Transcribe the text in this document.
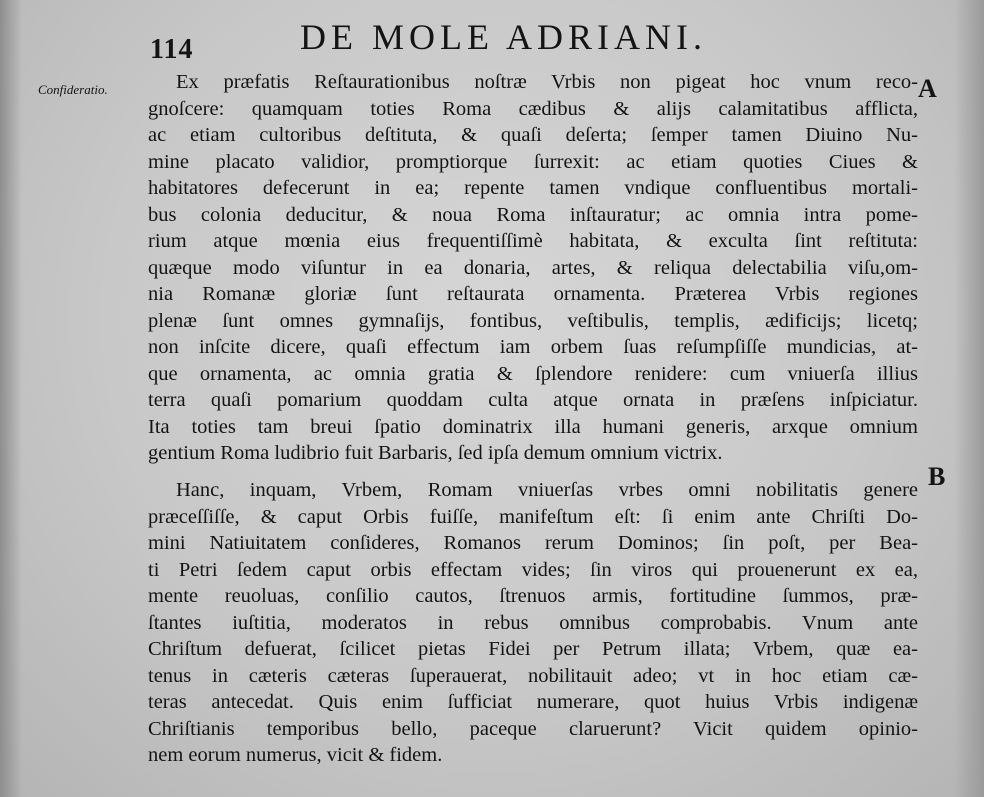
114	DE MOLE ADRIANI.
Confideratio.	A
B
Ex præfatis Reſtaurationibus noſtræ Vrbis non pigeat hoc vnum reco-
gnoſcere: quamquam toties Roma cædibus & alijs calamitatibus afflicta,
ac etiam cultoribus deſtituta, & quaſi deſerta; ſemper tamen Diuino Nu-
mine placato validior, promptiorque ſurrexit: ac etiam quoties Ciues &
habitatores defecerunt in ea; repente tamen vndique confluentibus mortali-
bus colonia deducitur, & noua Roma inſtauratur; ac omnia intra pome-
rium atque mœnia eius frequentiſſimè habitata, & exculta ſint reſtituta:
quæque modo viſuntur in ea donaria, artes, & reliqua delectabilia viſu,om-
nia Romanæ gloriæ ſunt reſtaurata ornamenta. Præterea Vrbis regiones
plenæ ſunt omnes gymnaſijs, fontibus, veſtibulis, templis, ædificijs; licetq;
non inſcite dicere, quaſi effectum iam orbem ſuas reſumpſiſſe mundicias, at-
que ornamenta, ac omnia gratia & ſplendore renidere: cum vniuerſa illius
terra quaſi pomarium quoddam culta atque ornata in præſens inſpiciatur.
Ita toties tam breui ſpatio dominatrix illa humani generis, arxque omnium
gentium Roma ludibrio fuit Barbaris, ſed ipſa demum omnium victrix.
Hanc, inquam, Vrbem, Romam vniuerſas vrbes omni nobilitatis genere
præceſſiſſe, & caput Orbis fuiſſe, manifeſtum eſt: ſi enim ante Chriſti Do-
mini Natiuitatem conſideres, Romanos rerum Dominos; ſin poſt, per Bea-
ti Petri ſedem caput orbis effectam vides; ſin viros qui prouenerunt ex ea,
mente reuoluas, conſilio cautos, ſtrenuos armis, fortitudine ſummos, præ-
ſtantes iuſtitia, moderatos in rebus omnibus comprobabis. Vnum ante
Chriſtum defuerat, ſcilicet pietas Fidei per Petrum illata; Vrbem, quæ ea-
tenus in cæteris cæteras ſuperauerat, nobilitauit adeo; vt in hoc etiam cæ-
teras antecedat. Quis enim ſufficiat numerare, quot huius Vrbis indigenæ
Chriſtianis temporibus bello, paceque claruerunt? Vicit quidem opinio-
nem eorum numerus, vicit & fidem.
